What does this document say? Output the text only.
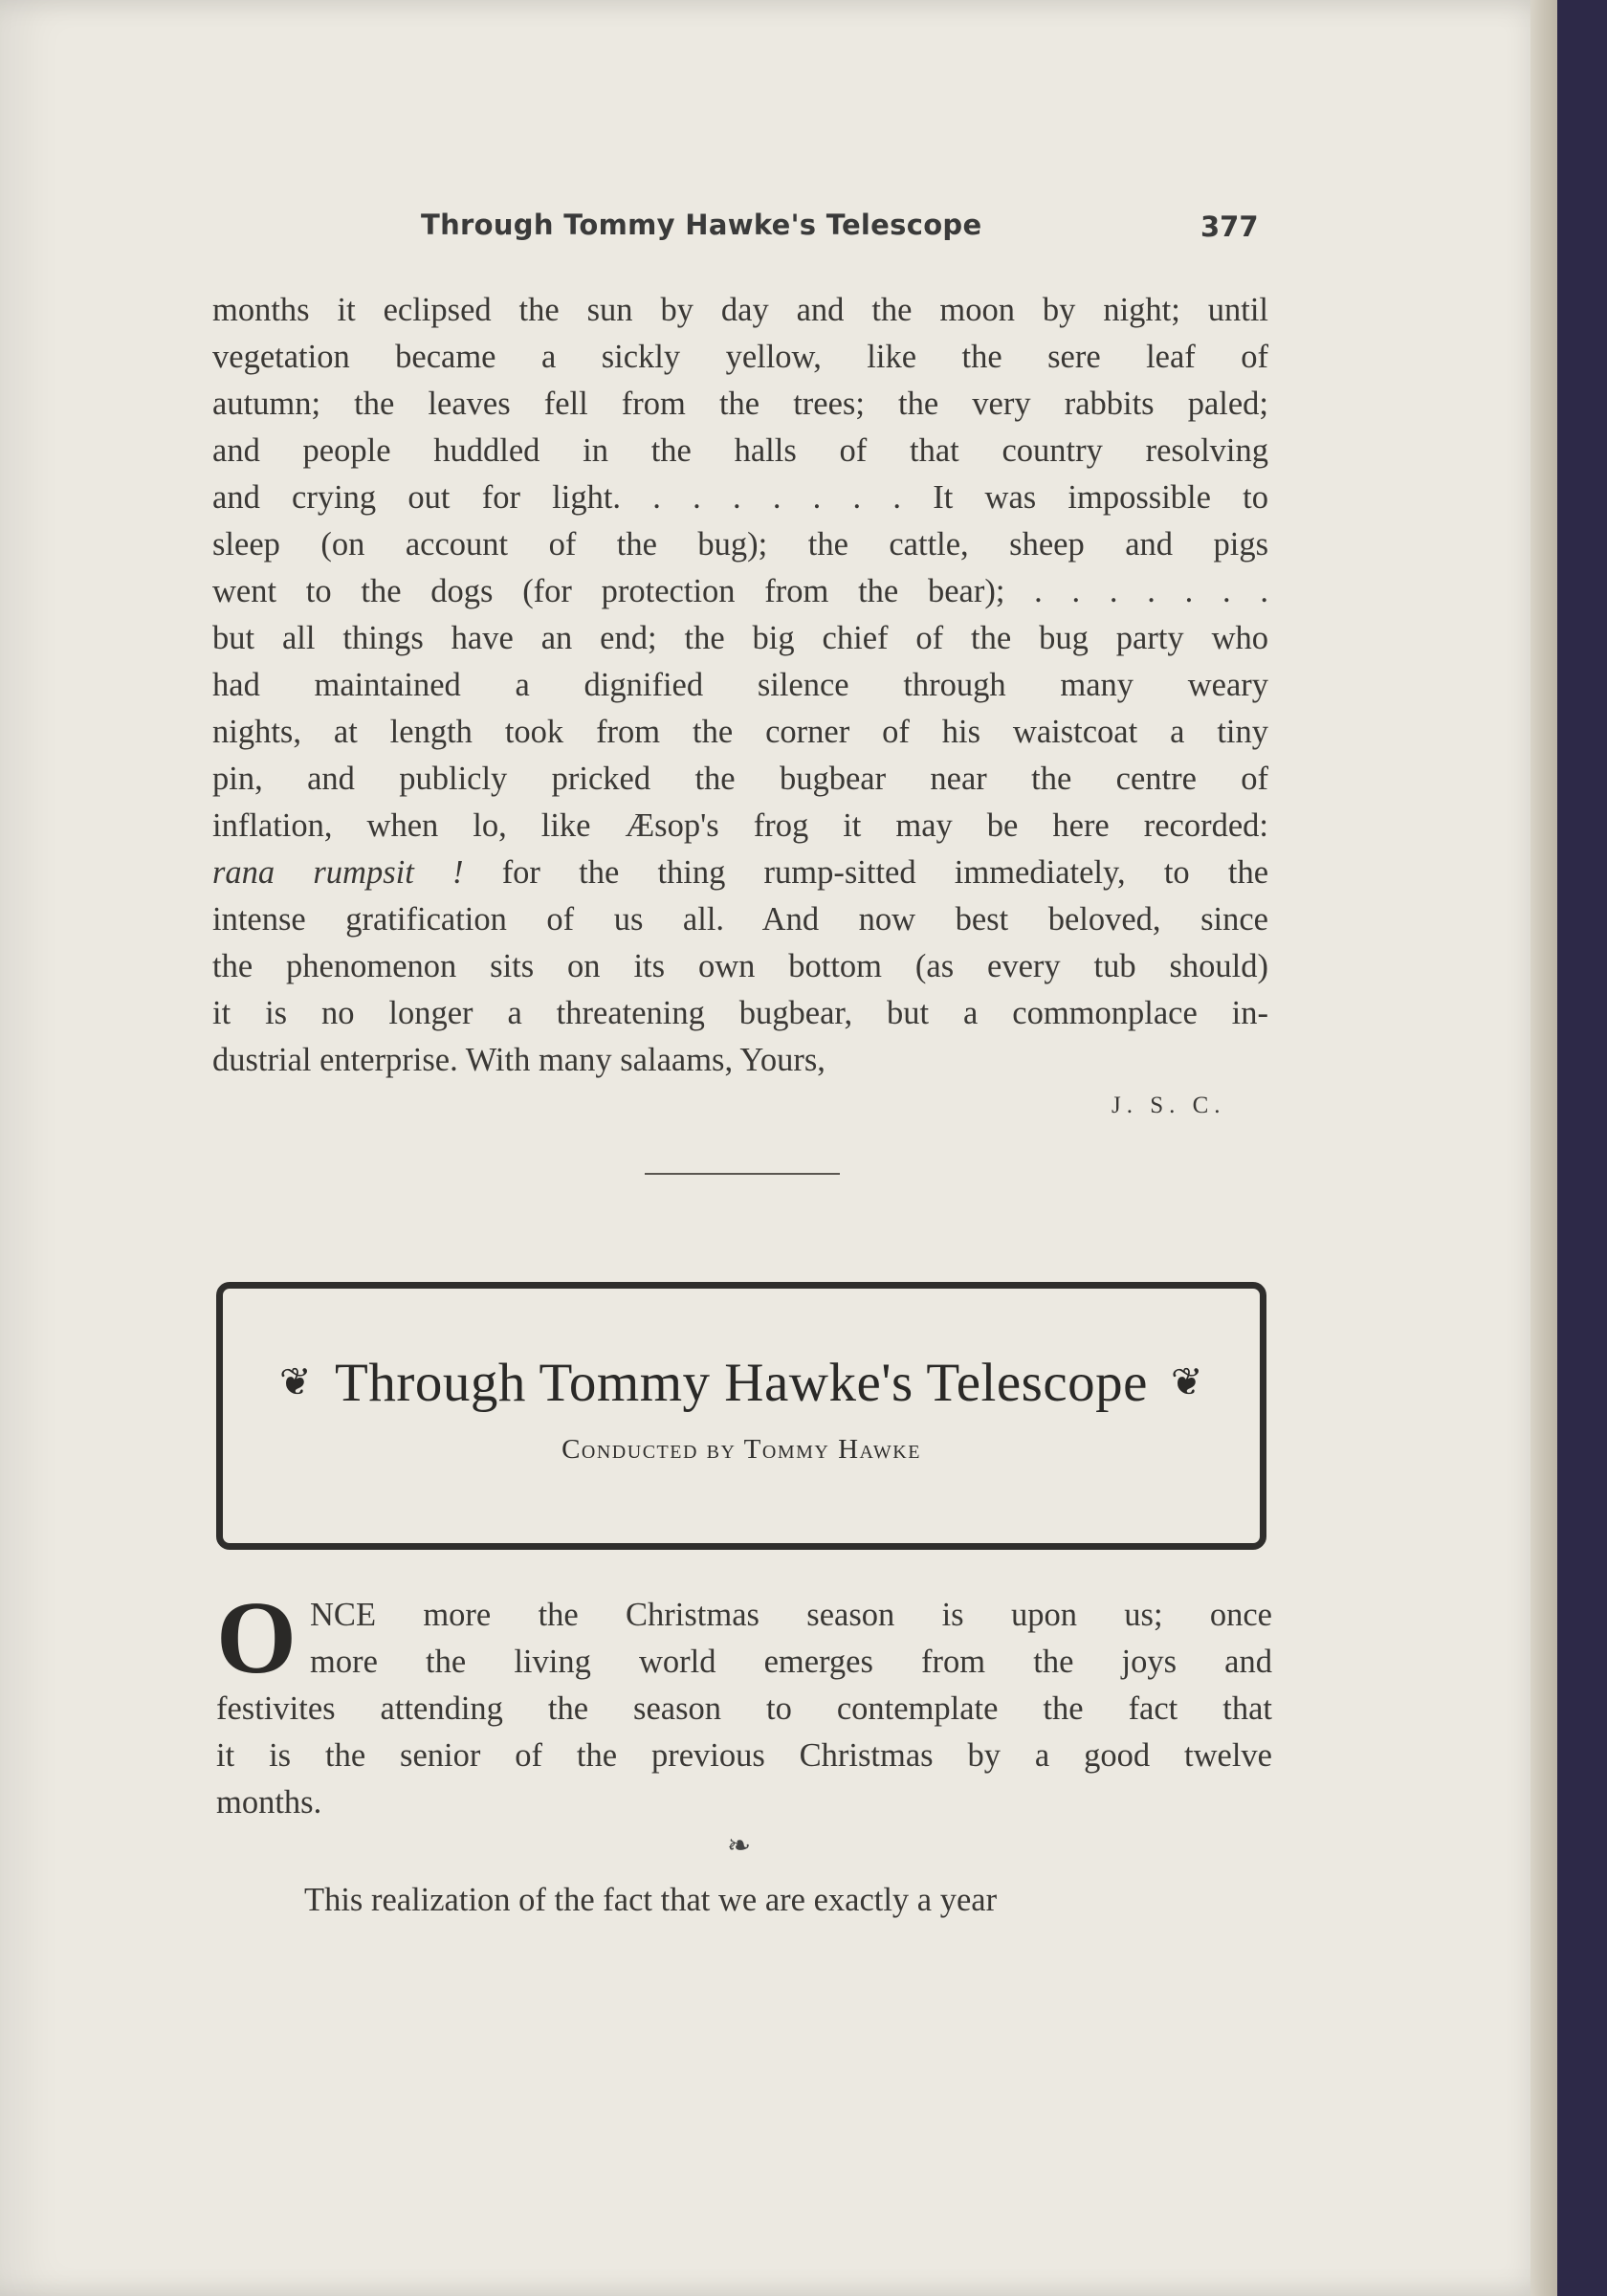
Through Tommy Hawke's Telescope	377
months it eclipsed the sun by day and the moon by night; until
vegetation became a sickly yellow, like the sere leaf of
autumn; the leaves fell from the trees; the very rabbits paled;
and people huddled in the halls of that country resolving
and crying out for light. . . . . . . . It was impossible to
sleep (on account of the bug); the cattle, sheep and pigs
went to the dogs (for protection from the bear); . . . . . . .
but all things have an end; the big chief of the bug party who
had maintained a dignified silence through many weary
nights, at length took from the corner of his waistcoat a tiny
pin, and publicly pricked the bugbear near the centre of
inflation, when lo, like Æsop's frog it may be here recorded:
rana rumpsit ! for the thing rump-sitted immediately, to the
intense gratification of us all. And now best beloved, since
the phenomenon sits on its own bottom (as every tub should)
it is no longer a threatening bugbear, but a commonplace in-
dustrial enterprise. With many salaams, Yours,
J. S. C.
❦ Through Tommy Hawke's Telescope ❦
Conducted by Tommy Hawke
O NCE more the Christmas season is upon us; once
more the living world emerges from the joys and
festivites attending the season to contemplate the fact that
it is the senior of the previous Christmas by a good twelve
months.
❧
This realization of the fact that we are exactly a year
